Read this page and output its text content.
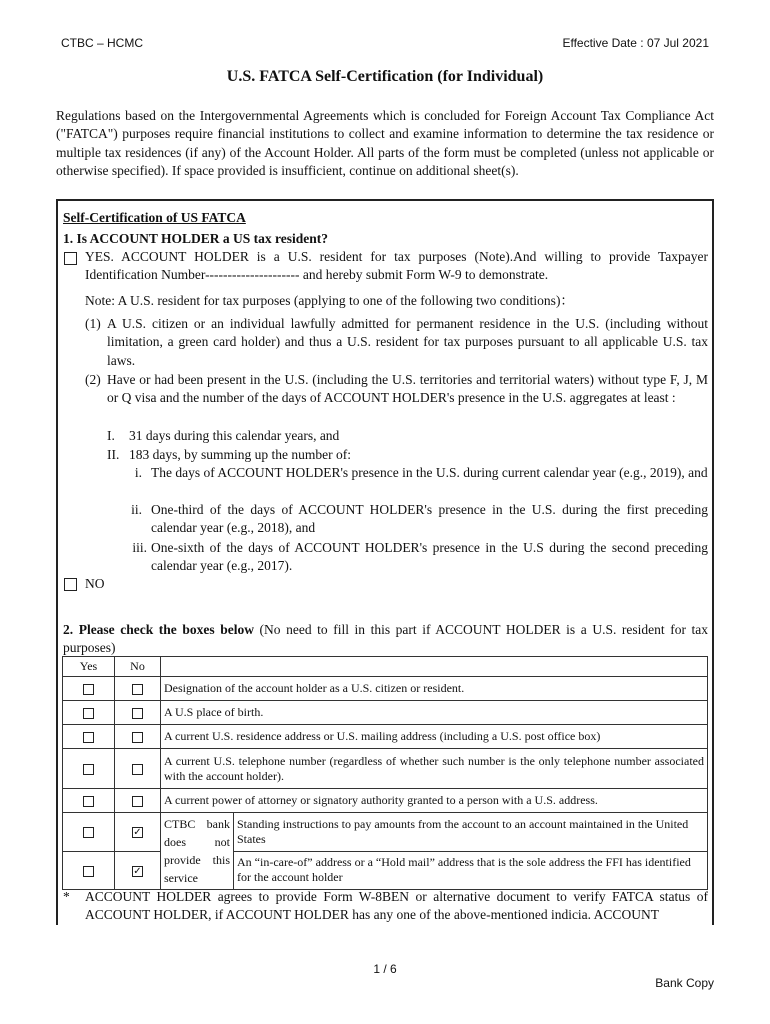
CTBC – HCMC	Effective Date : 07 Jul 2021
U.S. FATCA Self-Certification (for Individual)
Regulations based on the Intergovernmental Agreements which is concluded for Foreign Account Tax Compliance Act ("FATCA") purposes require financial institutions to collect and examine information to determine the tax residence or multiple tax residences (if any) of the Account Holder. All parts of the form must be completed (unless not applicable or otherwise specified). If space provided is insufficient, continue on additional sheet(s).
Self-Certification of US FATCA
1. Is ACCOUNT HOLDER a US tax resident?
YES. ACCOUNT HOLDER is a U.S. resident for tax purposes (Note).And willing to provide Taxpayer Identification Number--------------------- and hereby submit Form W-9 to demonstrate.
Note: A U.S. resident for tax purposes (applying to one of the following two conditions)：
(1) A U.S. citizen or an individual lawfully admitted for permanent residence in the U.S. (including without limitation, a green card holder) and thus a U.S. resident for tax purposes pursuant to all applicable U.S. tax laws.
(2) Have or had been present in the U.S. (including the U.S. territories and territorial waters) without type F, J, M or Q visa and the number of the days of ACCOUNT HOLDER's presence in the U.S. aggregates at least :
I. 31 days during this calendar years, and
II. 183 days, by summing up the number of:
i. The days of ACCOUNT HOLDER's presence in the U.S. during current calendar year (e.g., 2019), and
ii. One-third of the days of ACCOUNT HOLDER's presence in the U.S. during the first preceding calendar year (e.g., 2018), and
iii. One-sixth of the days of ACCOUNT HOLDER's presence in the U.S during the second preceding calendar year (e.g., 2017).
NO
2. Please check the boxes below (No need to fill in this part if ACCOUNT HOLDER is a U.S. resident for tax purposes)
Yes	No		
		Designation of the account holder as a U.S. citizen or resident.	
		A U.S place of birth.	
		A current U.S. residence address or U.S. mailing address (including a U.S. post office box)	
		A current U.S. telephone number (regardless of whether such number is the only telephone number associated with the account holder).	
		A current power of attorney or signatory authority granted to a person with a U.S. address.	
	✓	CTBC bank does not provide this service	Standing instructions to pay amounts from the account to an account maintained in the United States
	✓		An “in-care-of” address or a “Hold mail” address that is the sole address the FFI has identified for the account holder
* ACCOUNT HOLDER agrees to provide Form W-8BEN or alternative document to verify FATCA status of ACCOUNT HOLDER, if ACCOUNT HOLDER has any one of the above-mentioned indicia. ACCOUNT
1 / 6
Bank Copy
